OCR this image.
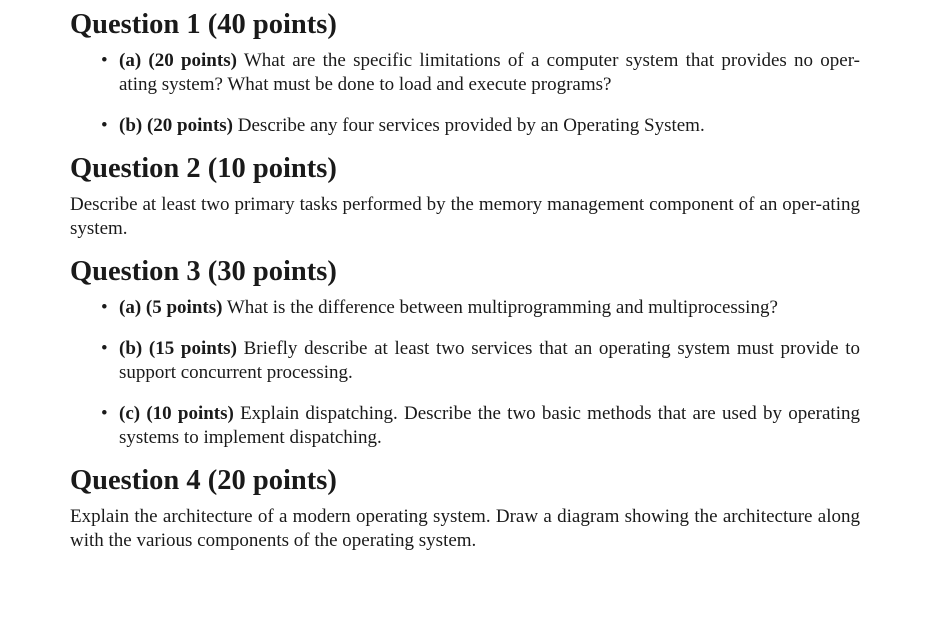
Question 1 (40 points)
• (a) (20 points) What are the specific limitations of a computer system that provides no oper-ating system? What must be done to load and execute programs?
• (b) (20 points) Describe any four services provided by an Operating System.
Question 2 (10 points)

Describe at least two primary tasks performed by the memory management component of an oper-ating system.

Question 3 (30 points)
• (a) (5 points) What is the difference between multiprogramming and multiprocessing?
• (b) (15 points) Briefly describe at least two services that an operating system must provide to support concurrent processing.
• (c) (10 points) Explain dispatching. Describe the two basic methods that are used by operating systems to implement dispatching.
Question 4 (20 points)

Explain the architecture of a modern operating system. Draw a diagram showing the architecture along with the various components of the operating system.
